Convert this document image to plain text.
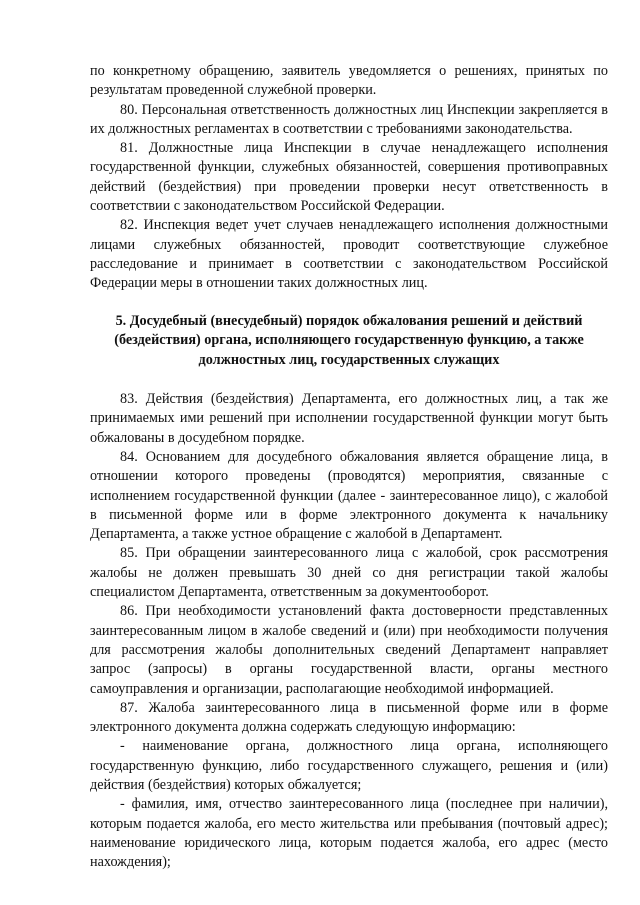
по конкретному обращению, заявитель уведомляется о решениях, принятых по результатам проведенной служебной проверки.

80. Персональная ответственность должностных лиц Инспекции закрепляется в их должностных регламентах в соответствии с требованиями законодательства.

81. Должностные лица Инспекции в случае ненадлежащего исполнения государственной функции, служебных обязанностей, совершения противоправных действий (бездействия) при проведении проверки несут ответственность в соответствии с законодательством Российской Федерации.

82. Инспекция ведет учет случаев ненадлежащего исполнения должностными лицами служебных обязанностей, проводит соответствующие служебное расследование и принимает в соответствии с законодательством Российской Федерации меры в отношении таких должностных лиц.

5. Досудебный (внесудебный) порядок обжалования решений и действий (бездействия) органа, исполняющего государственную функцию, а также должностных лиц, государственных служащих

83. Действия (бездействия) Департамента, его должностных лиц, а так же принимаемых ими решений при исполнении государственной функции могут быть обжалованы в досудебном порядке.

84. Основанием для досудебного обжалования является обращение лица, в отношении которого проведены (проводятся) мероприятия, связанные с исполнением государственной функции (далее - заинтересованное лицо), с жалобой в письменной форме или в форме электронного документа к начальнику Департамента, а также устное обращение с жалобой в Департамент.

85. При обращении заинтересованного лица с жалобой, срок рассмотрения жалобы не должен превышать 30 дней со дня регистрации такой жалобы специалистом Департамента, ответственным за документооборот.

86. При необходимости установлений факта достоверности представленных заинтересованным лицом в жалобе сведений и (или) при необходимости получения для рассмотрения жалобы дополнительных сведений Департамент направляет запрос (запросы) в органы государственной власти, органы местного самоуправления и организации, располагающие необходимой информацией.

87. Жалоба заинтересованного лица в письменной форме или в форме электронного документа должна содержать следующую информацию:

- наименование органа, должностного лица органа, исполняющего государственную функцию, либо государственного служащего, решения и (или) действия (бездействия) которых обжалуется;

- фамилия, имя, отчество заинтересованного лица (последнее при наличии), которым подается жалоба, его место жительства или пребывания (почтовый адрес); наименование юридического лица, которым подается жалоба, его адрес (место нахождения);
